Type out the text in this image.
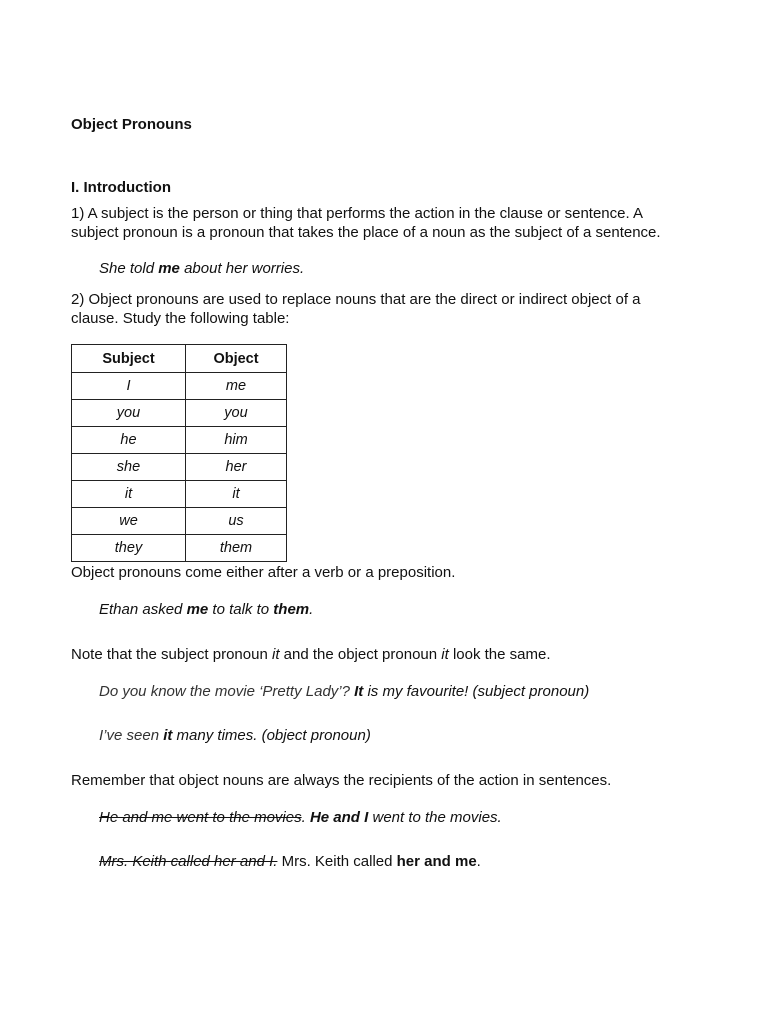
Object Pronouns
I. Introduction
1) A subject is the person or thing that performs the action in the clause or sentence. A subject pronoun is a pronoun that takes the place of a noun as the subject of a sentence.
She told me about her worries.
2) Object pronouns are used to replace nouns that are the direct or indirect object of a clause. Study the following table:
Subject	Object
I	me
you	you
he	him
she	her
it	it
we	us
they	them
Object pronouns come either after a verb or a preposition.
Ethan asked me to talk to them.
Note that the subject pronoun it and the object pronoun it look the same.
Do you know the movie ‘Pretty Lady’? It is my favourite! (subject pronoun)
I’ve seen it many times. (object pronoun)
Remember that object nouns are always the recipients of the action in sentences.
He and me went to the movies. He and I went to the movies.
Mrs. Keith called her and I. Mrs. Keith called her and me.
